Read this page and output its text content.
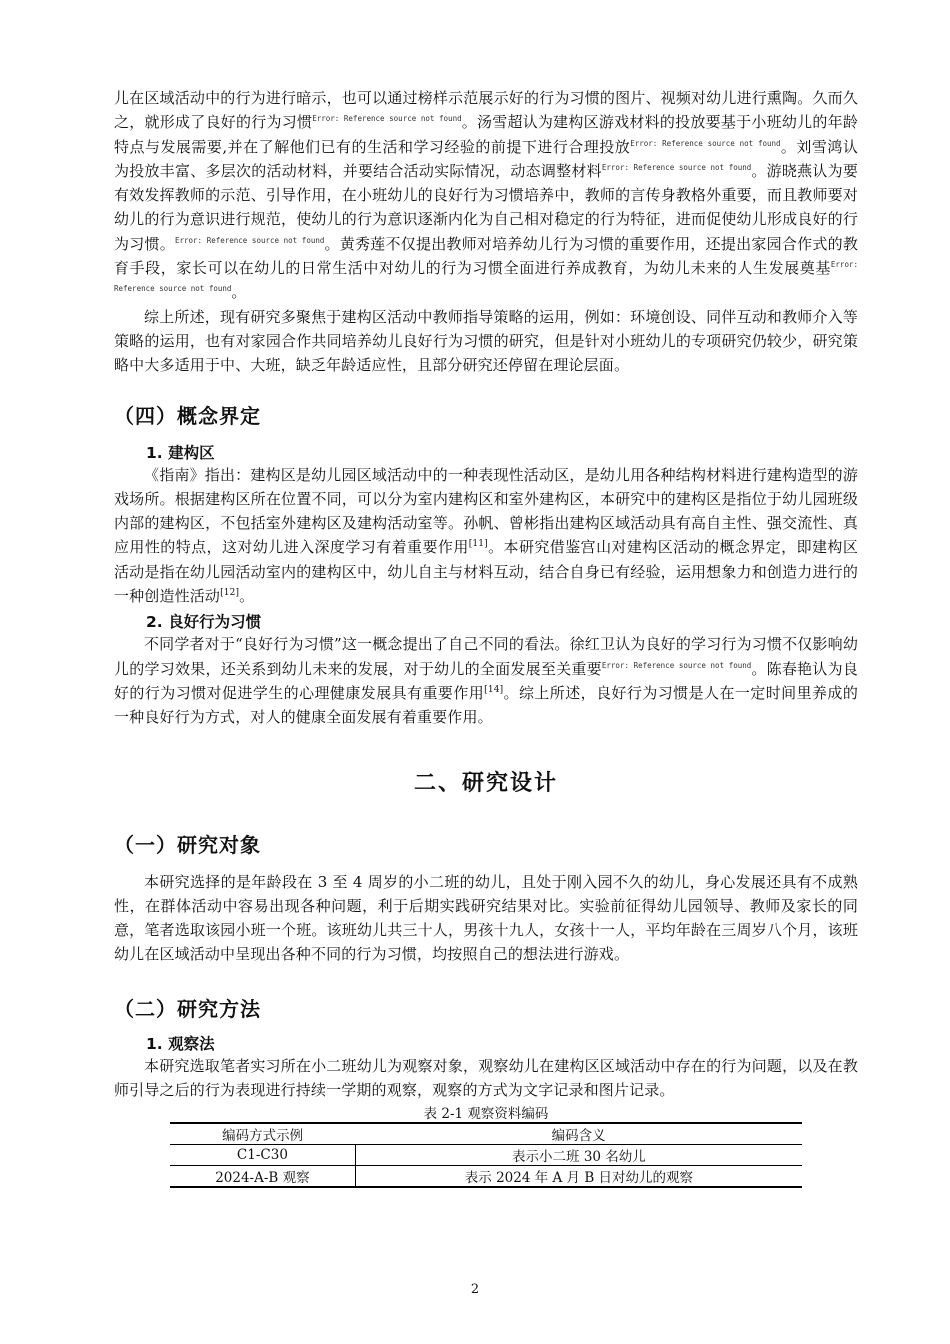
儿在区域活动中的行为进行暗示，也可以通过榜样示范展示好的行为习惯的图片、视频对幼儿进行熏陶。久而久之，就形成了良好的行为习惯$^{Error: Reference source not found}$。汤雪超认为建构区游戏材料的投放要基于小班幼儿的年龄特点与发展需要,并在了解他们已有的生活和学习经验的前提下进行合理投放$^{Error: Reference source not found}$。刘雪鸿认为投放丰富、多层次的活动材料，并要结合活动实际情况，动态调整材料$^{Error: Reference source not found}$。游晓燕认为要有效发挥教师的示范、引导作用，在小班幼儿的良好行为习惯培养中，教师的言传身教格外重要，而且教师要对幼儿的行为意识进行规范，使幼儿的行为意识逐渐内化为自己相对稳定的行为特征，进而促使幼儿形成良好的行为习惯。$^{Error: Reference source not found}$。黄秀莲不仅提出教师对培养幼儿行为习惯的重要作用，还提出家园合作式的教育手段，家长可以在幼儿的日常生活中对幼儿的行为习惯全面进行养成教育，为幼儿未来的人生发展奠基$^{Error: Reference source not found}$。

综上所述，现有研究多聚焦于建构区活动中教师指导策略的运用，例如：环境创设、同伴互动和教师介入等策略的运用，也有对家园合作共同培养幼儿良好行为习惯的研究，但是针对小班幼儿的专项研究仍较少，研究策略中大多适用于中、大班，缺乏年龄适应性，且部分研究还停留在理论层面。

（四）概念界定
1. 建构区

《指南》指出：建构区是幼儿园区域活动中的一种表现性活动区，是幼儿用各种结构材料进行建构造型的游戏场所。根据建构区所在位置不同，可以分为室内建构区和室外建构区，本研究中的建构区是指位于幼儿园班级内部的建构区，不包括室外建构区及建构活动室等。孙帆、曾彬指出建构区域活动具有高自主性、强交流性、真应用性的特点，这对幼儿进入深度学习有着重要作用[11]。本研究借鉴宫山对建构区活动的概念界定，即建构区活动是指在幼儿园活动室内的建构区中，幼儿自主与材料互动，结合自身已有经验，运用想象力和创造力进行的一种创造性活动[12]。

2. 良好行为习惯

不同学者对于“良好行为习惯”这一概念提出了自己不同的看法。徐红卫认为良好的学习行为习惯不仅影响幼儿的学习效果，还关系到幼儿未来的发展，对于幼儿的全面发展至关重要$^{Error: Reference source not found}$。陈春艳认为良好的行为习惯对促进学生的心理健康发展具有重要作用[14]。综上所述，良好行为习惯是人在一定时间里养成的一种良好行为方式，对人的健康全面发展有着重要作用。

二、研究设计
（一）研究对象

本研究选择的是年龄段在 3 至 4 周岁的小二班的幼儿，且处于刚入园不久的幼儿，身心发展还具有不成熟性，在群体活动中容易出现各种问题，利于后期实践研究结果对比。实验前征得幼儿园领导、教师及家长的同意，笔者选取该园小班一个班。该班幼儿共三十人，男孩十九人，女孩十一人，平均年龄在三周岁八个月，该班幼儿在区域活动中呈现出各种不同的行为习惯，均按照自己的想法进行游戏。

（二）研究方法
1. 观察法

本研究选取笔者实习所在小二班幼儿为观察对象，观察幼儿在建构区区域活动中存在的行为问题，以及在教师引导之后的行为表现进行持续一学期的观察，观察的方式为文字记录和图片记录。

表 2-1 观察资料编码

编码方式示例	编码含义
C1-C30	表示小二班 30 名幼儿
2024-A-B 观察	表示 2024 年 A 月 B 日对幼儿的观察
2
